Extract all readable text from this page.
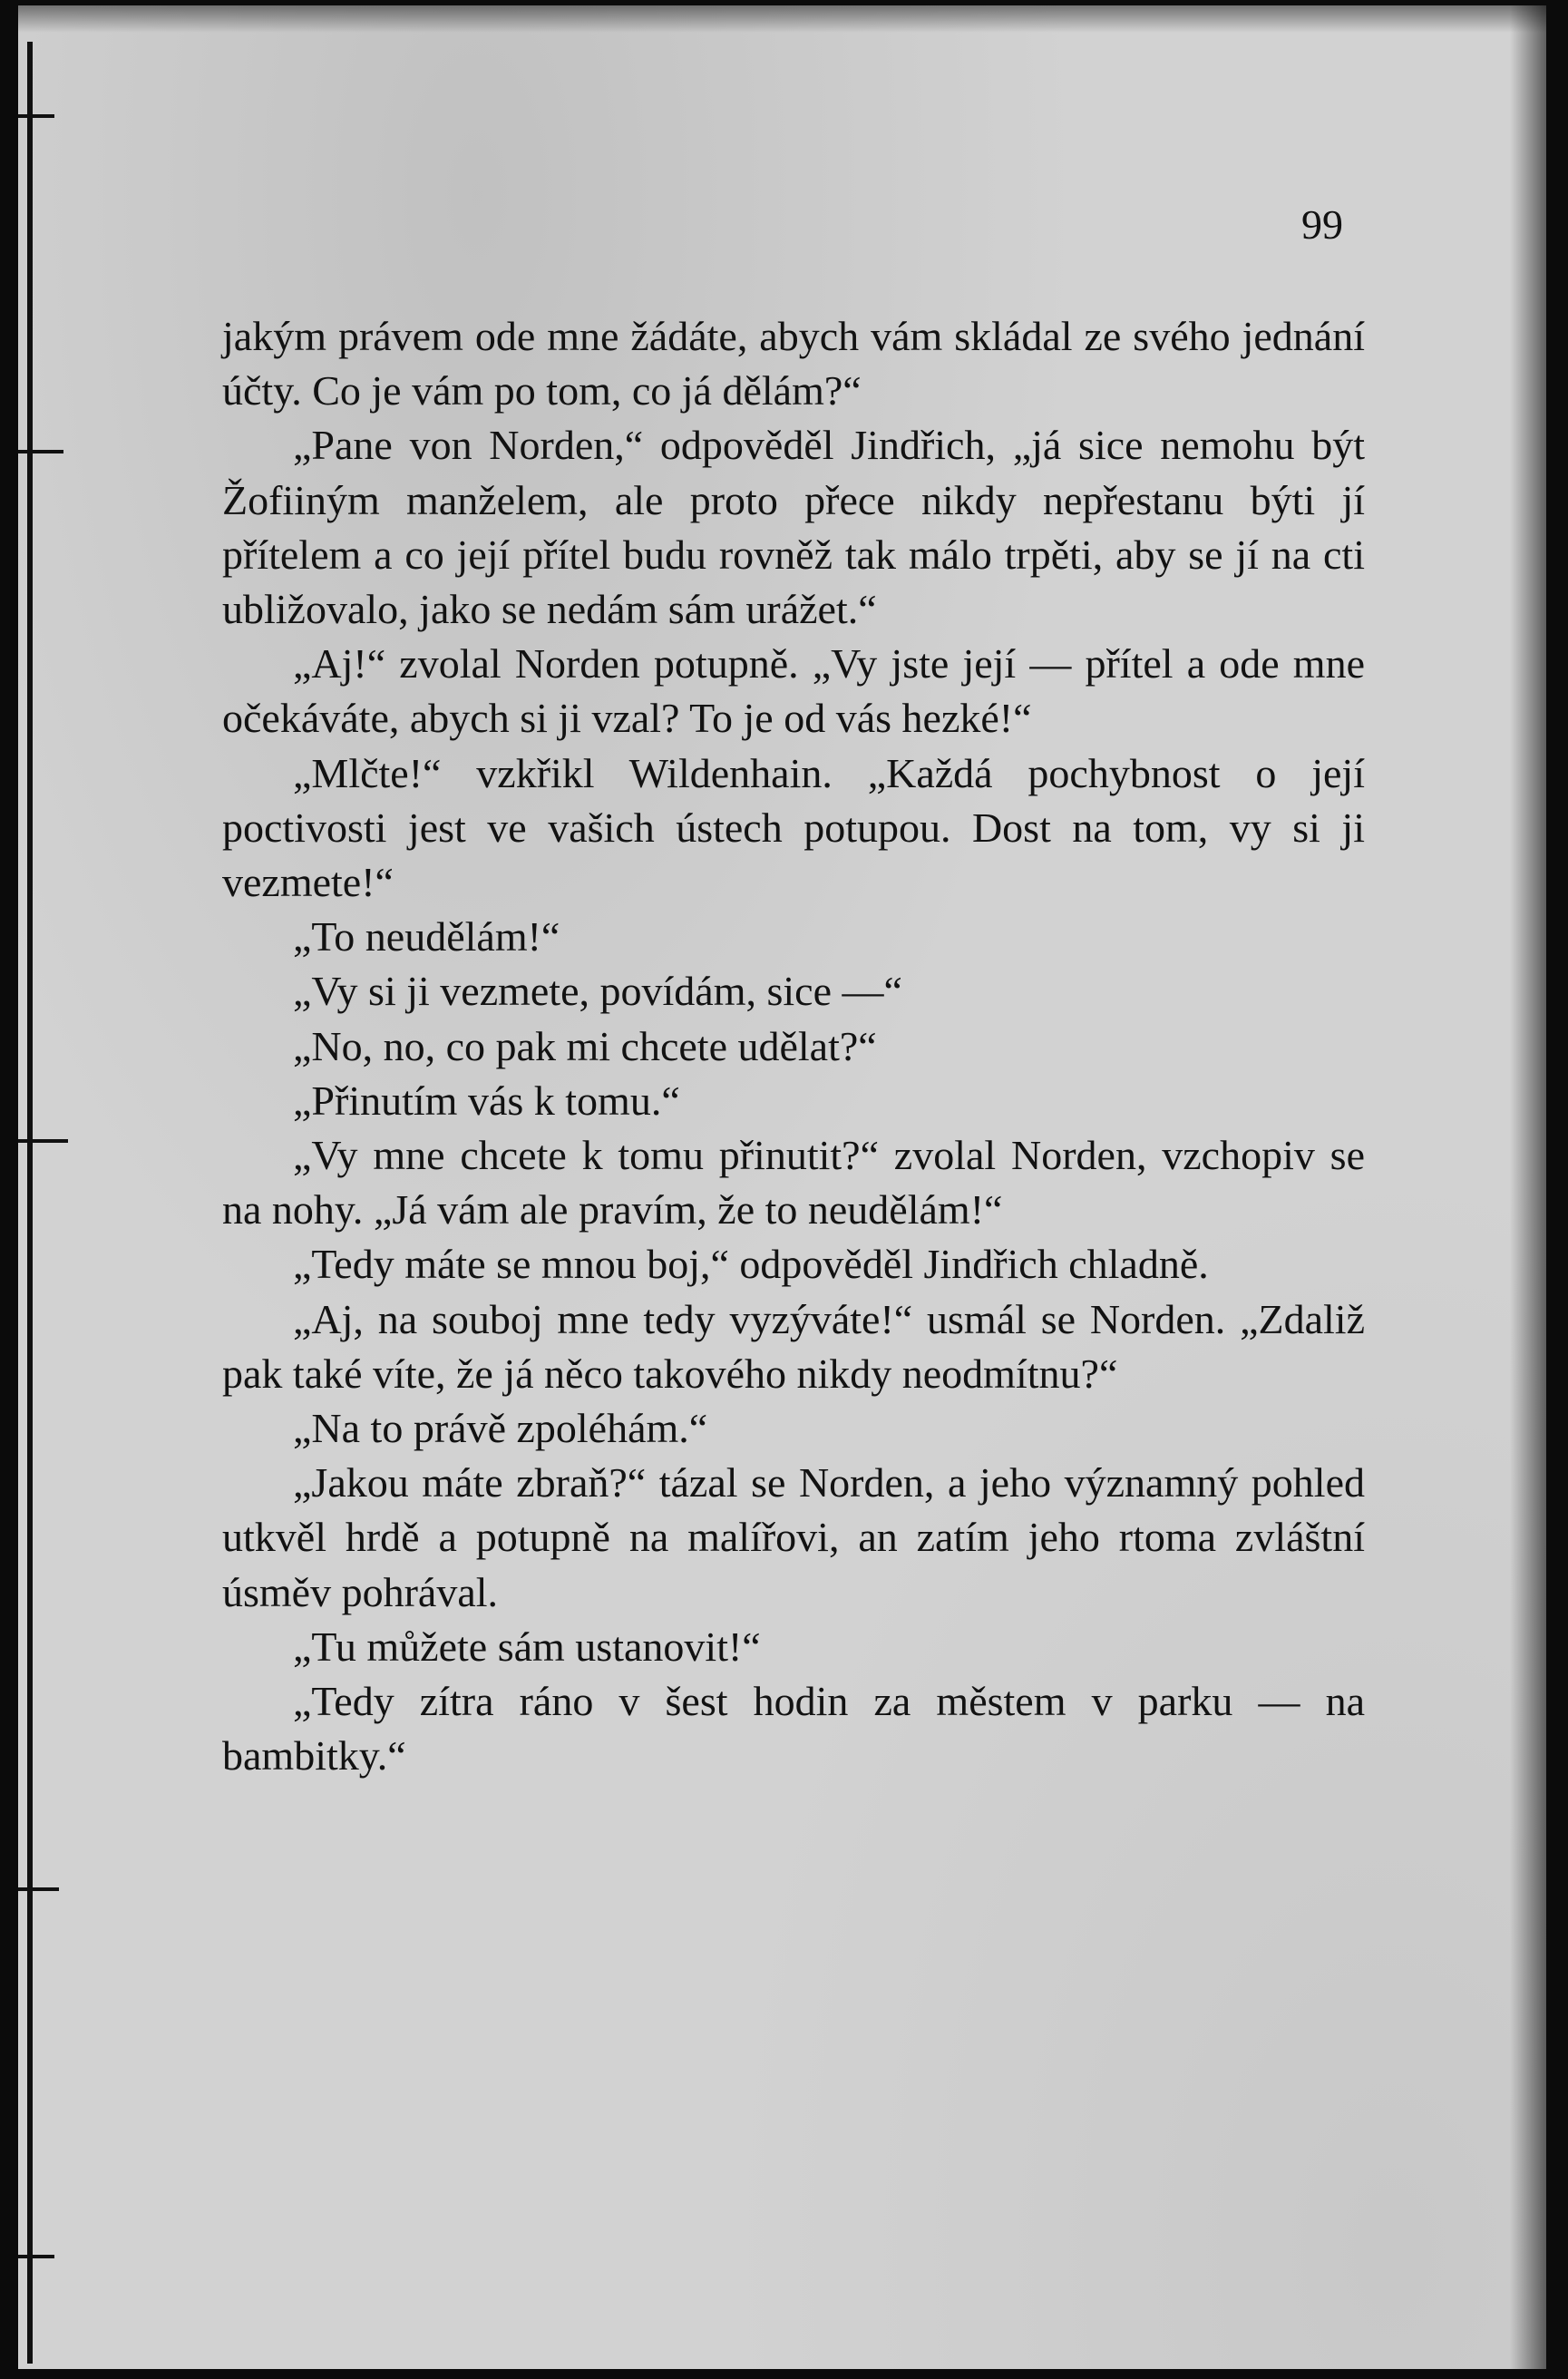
99

jakým právem ode mne žádáte, abych vám skládal ze svého jednání účty. Co je vám po tom, co já dělám?“

„Pane von Norden,“ odpověděl Jindřich, „já sice nemohu být Žofiiným manželem, ale proto přece nikdy nepřestanu býti jí přítelem a co její přítel budu rovněž tak málo trpěti, aby se jí na cti ubližovalo, jako se nedám sám urážet.“

„Aj!“ zvolal Norden potupně. „Vy jste její — přítel a ode mne očekáváte, abych si ji vzal? To je od vás hezké!“

„Mlčte!“ vzkřikl Wildenhain. „Každá pochybnost o její poctivosti jest ve vašich ústech potupou. Dost na tom, vy si ji vezmete!“

„To neudělám!“

„Vy si ji vezmete, povídám, sice —“

„No, no, co pak mi chcete udělat?“

„Přinutím vás k tomu.“

„Vy mne chcete k tomu přinutit?“ zvolal Norden, vzchopiv se na nohy. „Já vám ale pravím, že to neudělám!“

„Tedy máte se mnou boj,“ odpověděl Jindřich chladně.

„Aj, na souboj mne tedy vyzýváte!“ usmál se Norden. „Zdaliž pak také víte, že já něco takového nikdy neodmítnu?“

„Na to právě zpoléhám.“

„Jakou máte zbraň?“ tázal se Norden, a jeho významný pohled utkvěl hrdě a potupně na malířovi, an zatím jeho rtoma zvláštní úsměv pohrával.

„Tu můžete sám ustanovit!“

„Tedy zítra ráno v šest hodin za městem v parku — na bambitky.“
